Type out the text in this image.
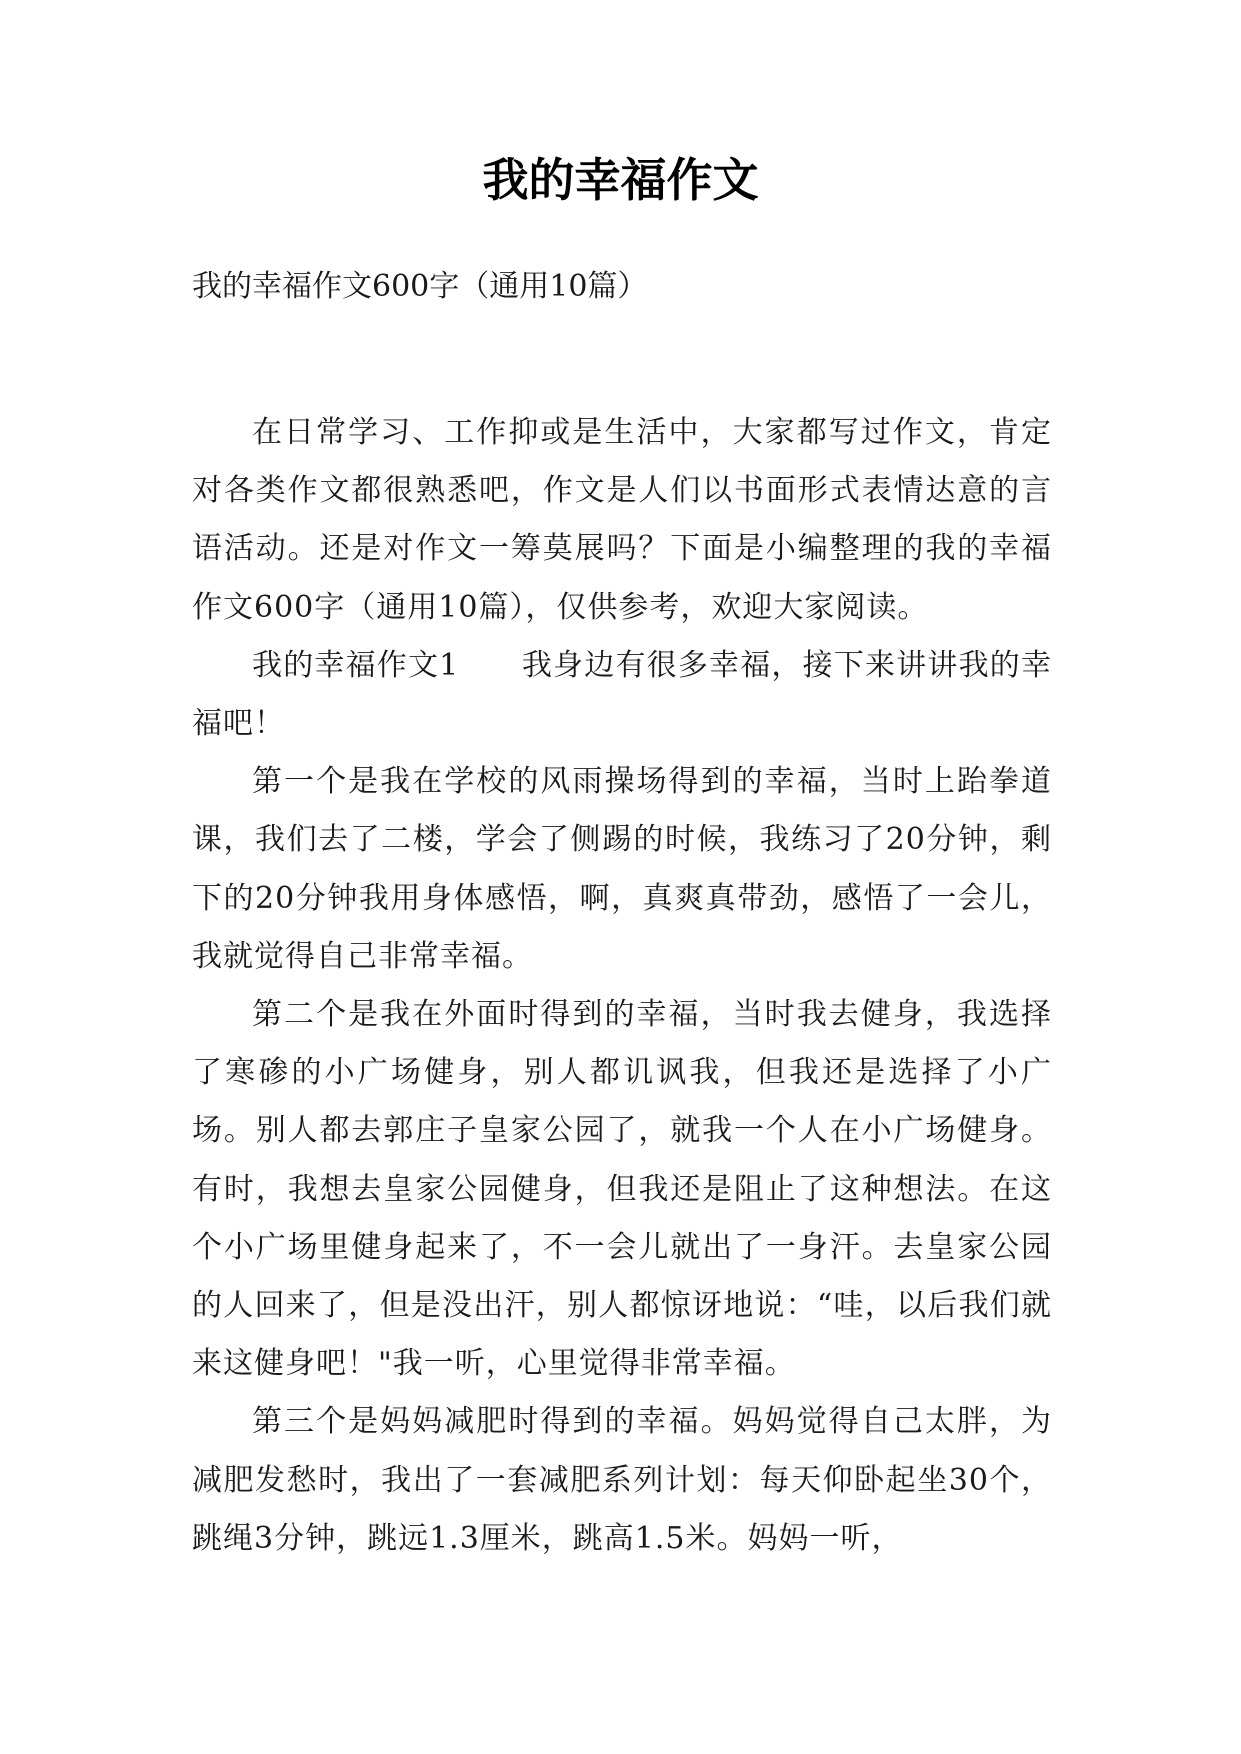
我的幸福作文
我的幸福作文600字（通用10篇）

在日常学习、工作抑或是生活中，大家都写过作文，肯定对各类作文都很熟悉吧，作文是人们以书面形式表情达意的言语活动。还是对作文一筹莫展吗？下面是小编整理的我的幸福作文600字（通用10篇），仅供参考，欢迎大家阅读。

我的幸福作文1　　我身边有很多幸福，接下来讲讲我的幸福吧！

第一个是我在学校的风雨操场得到的幸福，当时上跆拳道课，我们去了二楼，学会了侧踢的时候，我练习了20分钟，剩下的20分钟我用身体感悟，啊，真爽真带劲，感悟了一会儿，我就觉得自己非常幸福。

第二个是我在外面时得到的幸福，当时我去健身，我选择了寒碜的小广场健身，别人都讥讽我，但我还是选择了小广场。别人都去郭庄子皇家公园了，就我一个人在小广场健身。有时，我想去皇家公园健身，但我还是阻止了这种想法。在这个小广场里健身起来了，不一会儿就出了一身汗。去皇家公园的人回来了，但是没出汗，别人都惊讶地说：“哇，以后我们就来这健身吧！"我一听，心里觉得非常幸福。

第三个是妈妈减肥时得到的幸福。妈妈觉得自己太胖，为减肥发愁时，我出了一套减肥系列计划：每天仰卧起坐30个，跳绳3分钟，跳远1.3厘米，跳高1.5米。妈妈一听，
